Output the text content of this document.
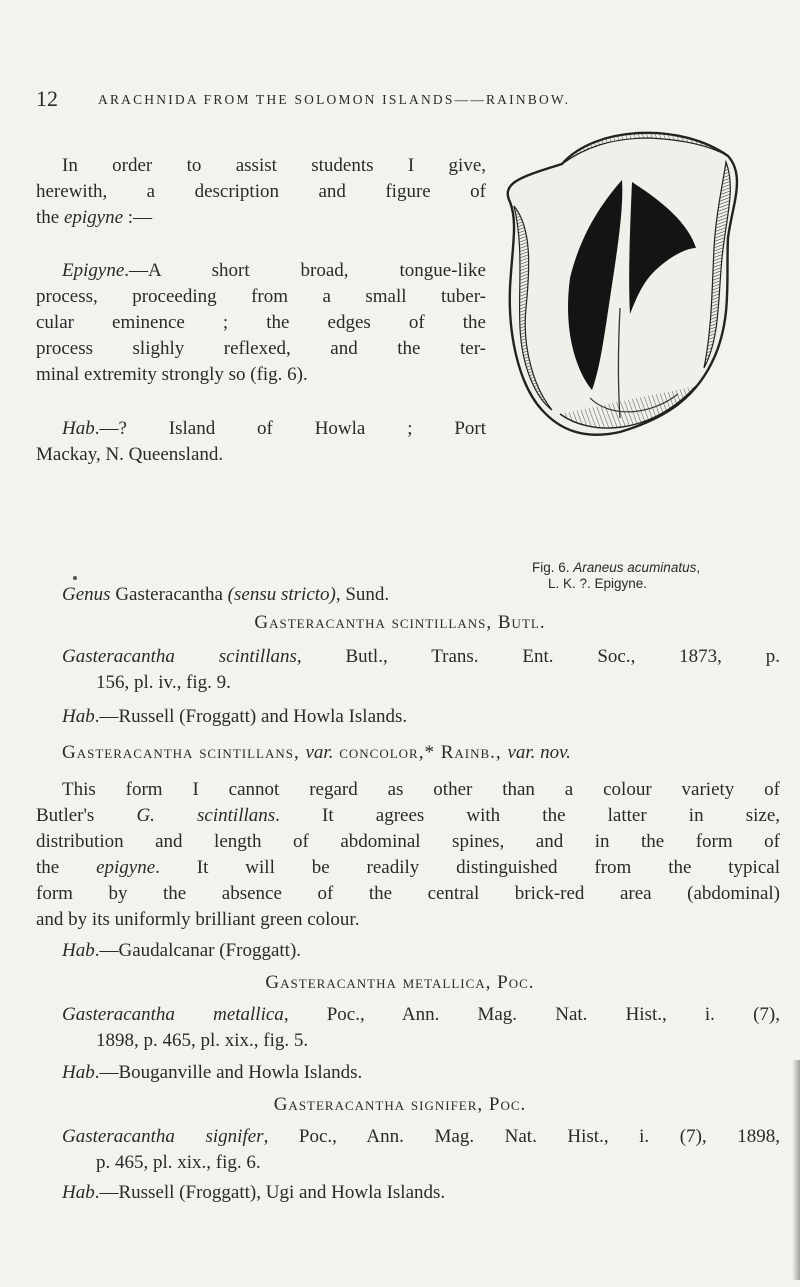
12	ARACHNIDA FROM THE SOLOMON ISLANDS——RAINBOW.
In order to assist students I give,
herewith, a description and figure of
the epigyne :—
Epigyne.—A short broad, tongue-like
process, proceeding from a small tuber-
cular eminence ; the edges of the
process slighly reflexed, and the ter-
minal extremity strongly so (fig. 6).
Hab.—? Island of Howla ; Port
Mackay, N. Queensland.
Fig. 6. Araneus acuminatus,
L. K. ?. Epigyne.
Genus Gasteracantha (sensu stricto), Sund.
Gasteracantha scintillans, Butl.
Gasteracantha scintillans, Butl., Trans. Ent. Soc., 1873, p.
156, pl. iv., fig. 9.
Hab.—Russell (Froggatt) and Howla Islands.
Gasteracantha scintillans, var. concolor,* Rainb., var. nov.
This form I cannot regard as other than a colour variety of
Butler's G. scintillans. It agrees with the latter in size,
distribution and length of abdominal spines, and in the form of
the epigyne. It will be readily distinguished from the typical
form by the absence of the central brick-red area (abdominal)
and by its uniformly brilliant green colour.
Hab.—Gaudalcanar (Froggatt).
Gasteracantha metallica, Poc.
Gasteracantha metallica, Poc., Ann. Mag. Nat. Hist., i. (7),
1898, p. 465, pl. xix., fig. 5.
Hab.—Bouganville and Howla Islands.
Gasteracantha signifer, Poc.
Gasteracantha signifer, Poc., Ann. Mag. Nat. Hist., i. (7), 1898,
p. 465, pl. xix., fig. 6.
Hab.—Russell (Froggatt), Ugi and Howla Islands.
